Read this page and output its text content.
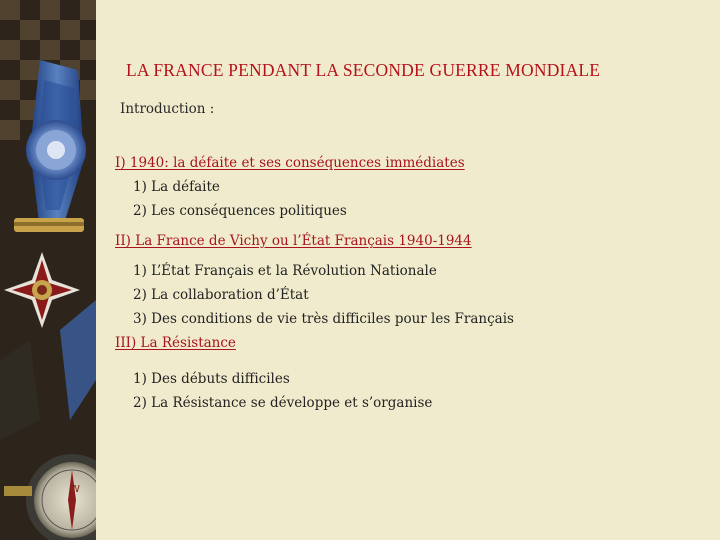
W
LA FRANCE PENDANT LA SECONDE GUERRE MONDIALE
Introduction :
I) 1940: la défaite et ses conséquences immédiates
1) La défaite
2) Les conséquences politiques
II) La France de Vichy ou l’État Français 1940-1944
1) L’État Français et la Révolution Nationale
2) La collaboration d’État
3) Des conditions de vie très difficiles pour les Français
III) La Résistance
1) Des débuts difficiles
2) La Résistance se développe et s’organise
